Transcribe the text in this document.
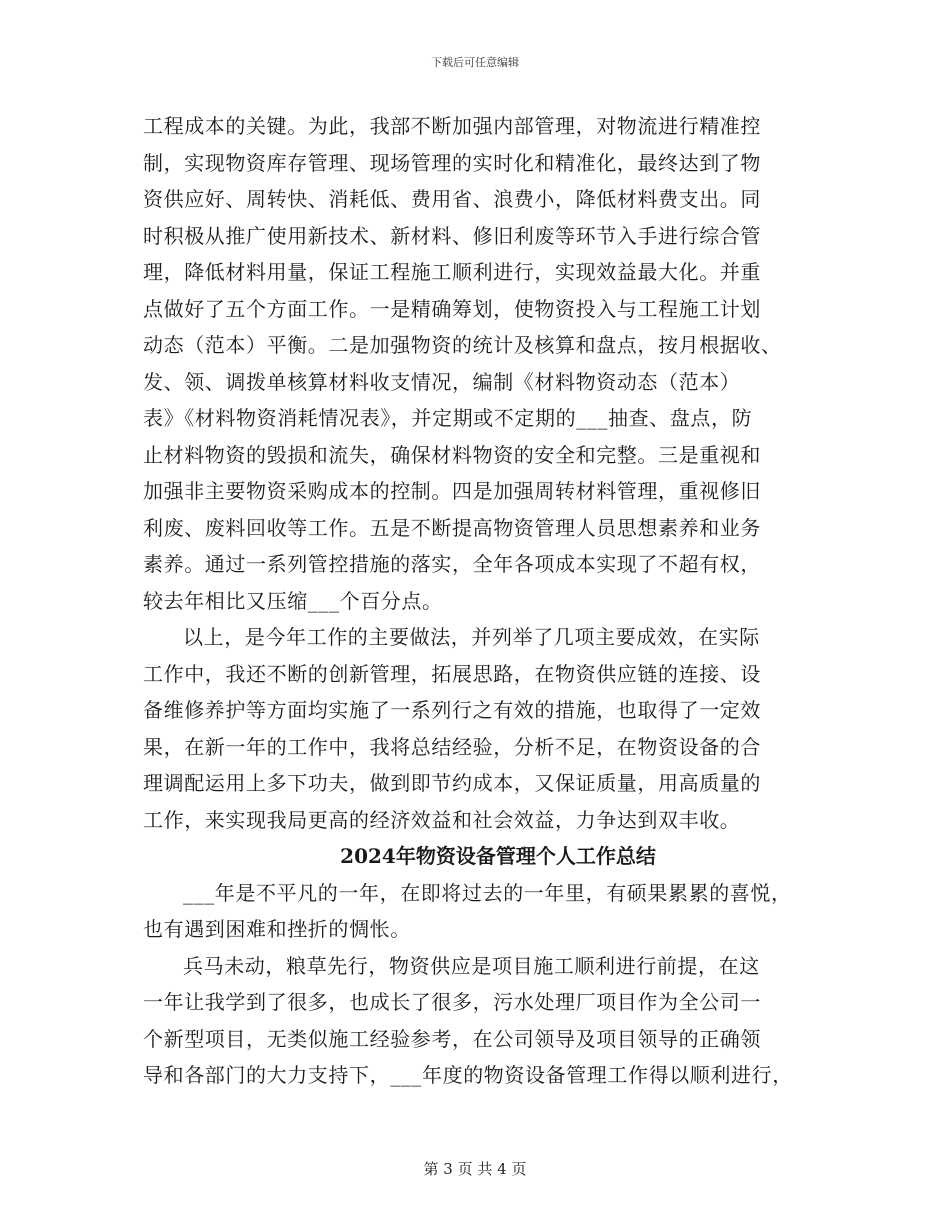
下载后可任意编辑
工程成本的关键。为此，我部不断加强内部管理，对物流进行精准控
制，实现物资库存管理、现场管理的实时化和精准化，最终达到了物
资供应好、周转快、消耗低、费用省、浪费小，降低材料费支出。同
时积极从推广使用新技术、新材料、修旧利废等环节入手进行综合管
理，降低材料用量，保证工程施工顺利进行，实现效益最大化。并重
点做好了五个方面工作。一是精确筹划，使物资投入与工程施工计划
动态（范本）平衡。二是加强物资的统计及核算和盘点，按月根据收、
发、领、调拨单核算材料收支情况，编制《材料物资动态（范本）
表》《材料物资消耗情况表》，并定期或不定期的___抽查、盘点，防
止材料物资的毁损和流失，确保材料物资的安全和完整。三是重视和
加强非主要物资采购成本的控制。四是加强周转材料管理，重视修旧
利废、废料回收等工作。五是不断提高物资管理人员思想素养和业务
素养。通过一系列管控措施的落实，全年各项成本实现了不超有权，
较去年相比又压缩___个百分点。
以上，是今年工作的主要做法，并列举了几项主要成效，在实际
工作中，我还不断的创新管理，拓展思路，在物资供应链的连接、设
备维修养护等方面均实施了一系列行之有效的措施，也取得了一定效
果，在新一年的工作中，我将总结经验，分析不足，在物资设备的合
理调配运用上多下功夫，做到即节约成本，又保证质量，用高质量的
工作，来实现我局更高的经济效益和社会效益，力争达到双丰收。
2024年物资设备管理个人工作总结
___年是不平凡的一年，在即将过去的一年里，有硕果累累的喜悦，
也有遇到困难和挫折的惆怅。
兵马未动，粮草先行，物资供应是项目施工顺利进行前提，在这
一年让我学到了很多，也成长了很多，污水处理厂项目作为全公司一
个新型项目，无类似施工经验参考，在公司领导及项目领导的正确领
导和各部门的大力支持下，___年度的物资设备管理工作得以顺利进行，
第 3 页 共 4 页
